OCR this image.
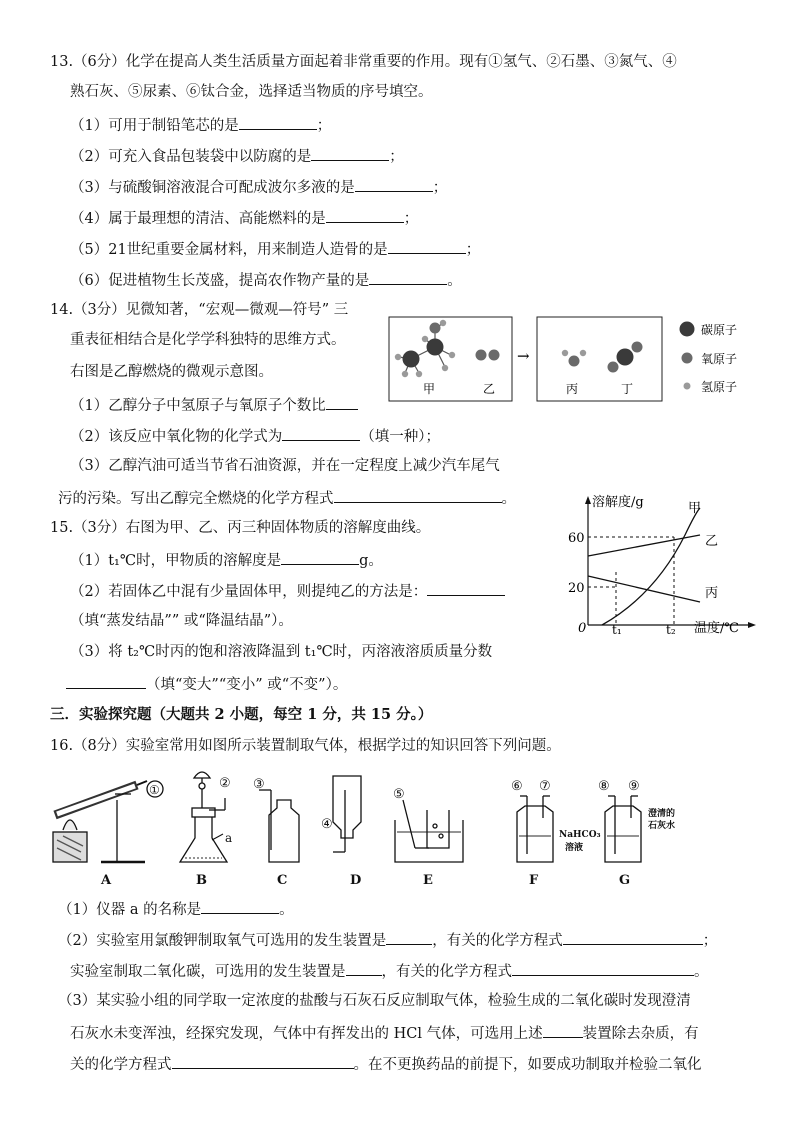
13.（6分）化学在提高人类生活质量方面起着非常重要的作用。现有①氢气、②石墨、③氮气、④
熟石灰、⑤尿素、⑥钛合金，选择适当物质的序号填空。
（1）可用于制铅笔芯的是	；
（2）可充入食品包装袋中以防腐的是	；
（3）与硫酸铜溶液混合可配成波尔多液的是	；
（4）属于最理想的清洁、高能燃料的是	；
（5）21世纪重要金属材料，用来制造人造骨的是	；
（6）促进植物生长茂盛，提高农作物产量的是	。
14.（3分）见微知著，“宏观—微观—符号” 三
重表征相结合是化学学科独特的思维方式。
右图是乙醇燃烧的微观示意图。
（1）乙醇分子中氢原子与氧原子个数比
（2）该反应中氧化物的化学式为	（填一种）；
（3）乙醇汽油可适当节省石油资源，并在一定程度上减少汽车尾气
污的污染。写出乙醇完全燃烧的化学方程式	。
甲	乙
→
丙	丁
碳原子
氧原子
氢原子
15.（3分）右图为甲、乙、丙三种固体物质的溶解度曲线。
（1）t₁℃时，甲物质的溶解度是	g。
（2）若固体乙中混有少量固体甲，则提纯乙的方法是：
（填“蒸发结晶”” 或“降温结晶”）。
（3）将 t₂℃时丙的饱和溶液降温到 t₁℃时，丙溶液溶质质量分数
（填“变大”“变小” 或“不变”）。
溶解度/g
温度/℃
0
60
20
t₁	t₂
甲
乙
丙
三．实验探究题（大题共 2 小题，每空 1 分，共 15 分。）
16.（8分）实验室常用如图所示装置制取气体，根据学过的知识回答下列问题。
①
A
a
②
B
③
C
④
D
⑤
E
⑥ ⑦
NaHCO₃
溶液
F
⑧ ⑨
澄清的
石灰水
G
（1）仪器 a 的名称是	。
（2）实验室用氯酸钾制取氧气可选用的发生装置是	，有关的化学方程式	；
实验室制取二氧化碳，可选用的发生装置是 ，有关的化学方程式	。
（3）某实验小组的同学取一定浓度的盐酸与石灰石反应制取气体，检验生成的二氧化碳时发现澄清
石灰水未变浑浊，经探究发现，气体中有挥发出的 HCl 气体，可选用上述	装置除去杂质，有
关的化学方程式	。在不更换药品的前提下，如要成功制取并检验二氧化
